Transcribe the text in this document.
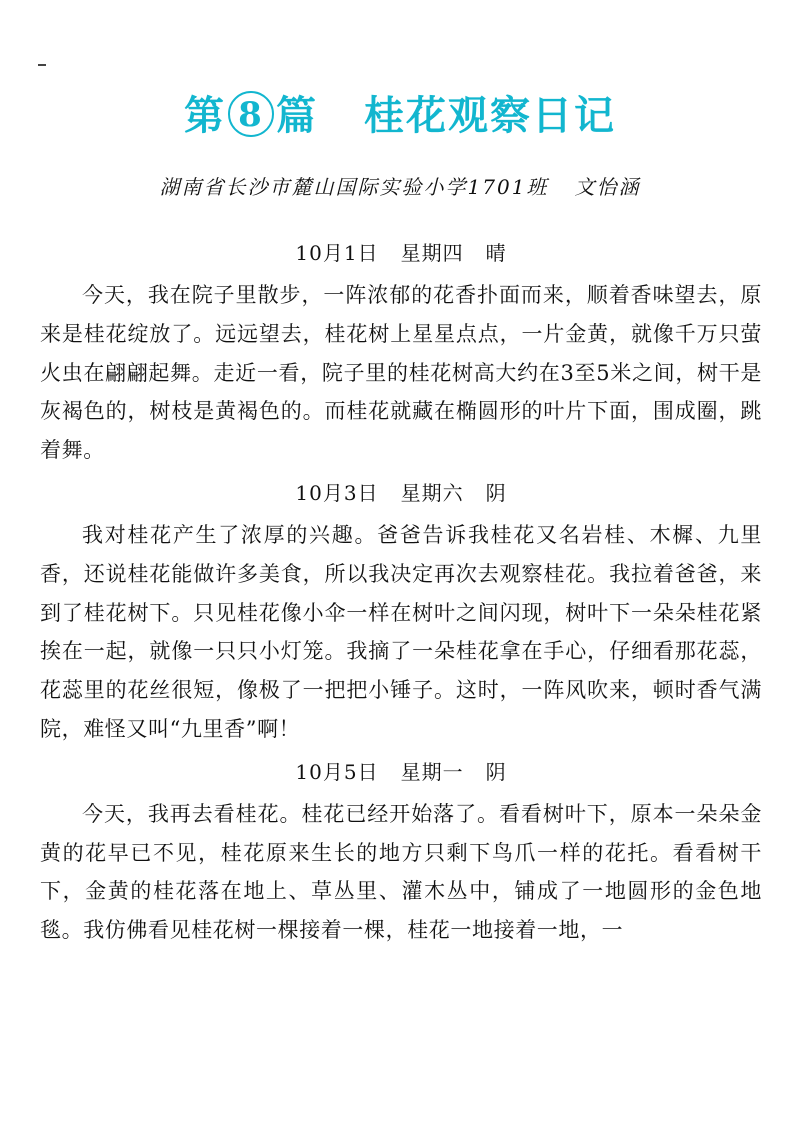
第 8 篇 桂花观察日记
湖南省长沙市麓山国际实验小学1701班 文怡涵
10月1日 星期四 晴

今天，我在院子里散步，一阵浓郁的花香扑面而来，顺着香味望去，原来是桂花绽放了。远远望去，桂花树上星星点点，一片金黄，就像千万只萤火虫在翩翩起舞。走近一看，院子里的桂花树高大约在3至5米之间，树干是灰褐色的，树枝是黄褐色的。而桂花就藏在椭圆形的叶片下面，围成圈，跳着舞。

10月3日 星期六 阴

我对桂花产生了浓厚的兴趣。爸爸告诉我桂花又名岩桂、木樨、九里香，还说桂花能做许多美食，所以我决定再次去观察桂花。我拉着爸爸，来到了桂花树下。只见桂花像小伞一样在树叶之间闪现，树叶下一朵朵桂花紧挨在一起，就像一只只小灯笼。我摘了一朵桂花拿在手心，仔细看那花蕊，花蕊里的花丝很短，像极了一把把小锤子。这时，一阵风吹来，顿时香气满院，难怪又叫“九里香”啊！

10月5日 星期一 阴

今天，我再去看桂花。桂花已经开始落了。看看树叶下，原本一朵朵金黄的花早已不见，桂花原来生长的地方只剩下鸟爪一样的花托。看看树干下，金黄的桂花落在地上、草丛里、灌木丛中，铺成了一地圆形的金色地毯。我仿佛看见桂花树一棵接着一棵，桂花一地接着一地，一
